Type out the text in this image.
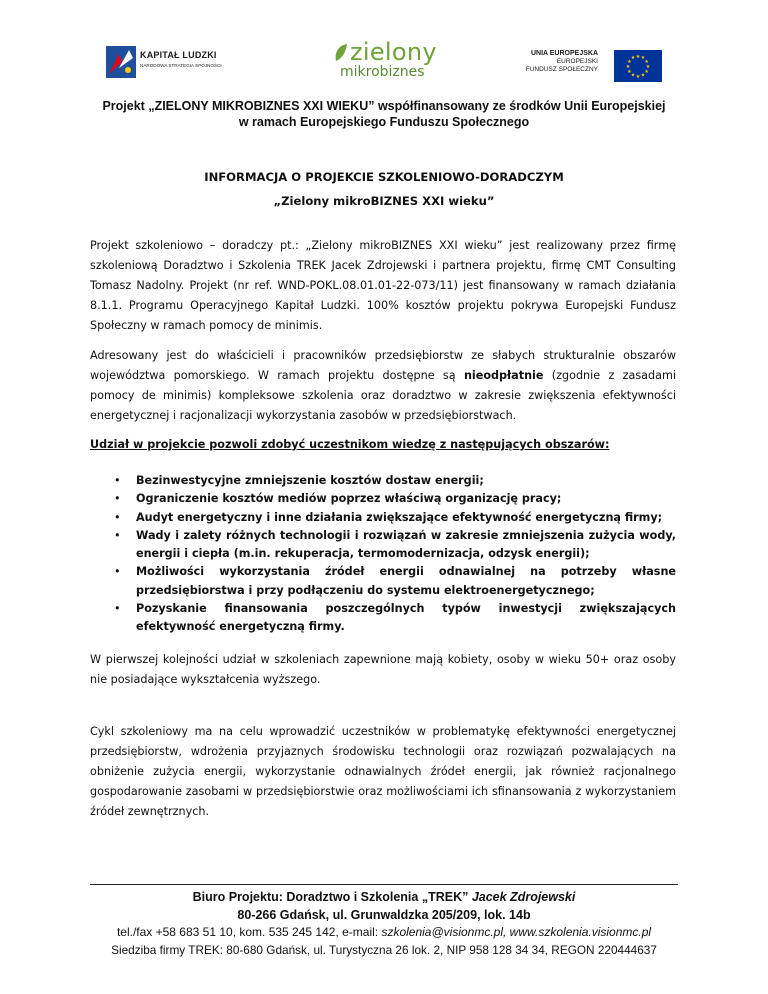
KAPITAŁ LUDZKI
NARODOWA STRATEGIA SPÓJNOŚCI	zielony
mikrobiznes
UNIA EUROPEJSKA
EUROPEJSKI
FUNDUSZ SPOŁECZNY	★
★
★
★
★
★
★
★
★ ★ ★
★
Projekt „ZIELONY MIKROBIZNES XXI WIEKU” współfinansowany ze środków Unii Europejskiej
w ramach Europejskiego Funduszu Społecznego
INFORMACJA O PROJEKCIE SZKOLENIOWO-DORADCZYM
„Zielony mikroBIZNES XXI wieku”
Projekt szkoleniowo – doradczy pt.: „Zielony mikroBIZNES XXI wieku” jest realizowany przez firmę szkoleniową Doradztwo i Szkolenia TREK Jacek Zdrojewski i partnera projektu, firmę CMT Consulting Tomasz Nadolny. Projekt (nr ref. WND-POKL.08.01.01-22-073/11) jest finansowany w ramach działania 8.1.1. Programu Operacyjnego Kapitał Ludzki. 100% kosztów projektu pokrywa Europejski Fundusz Społeczny w ramach pomocy de minimis.
Adresowany jest do właścicieli i pracowników przedsiębiorstw ze słabych strukturalnie obszarów województwa pomorskiego. W ramach projektu dostępne są nieodpłatnie (zgodnie z zasadami pomocy de minimis) kompleksowe szkolenia oraz doradztwo w zakresie zwiększenia efektywności energetycznej i racjonalizacji wykorzystania zasobów w przedsiębiorstwach.
Udział w projekcie pozwoli zdobyć uczestnikom wiedzę z następujących obszarów:
• Bezinwestycyjne zmniejszenie kosztów dostaw energii;
• Ograniczenie kosztów mediów poprzez właściwą organizację pracy;
• Audyt energetyczny i inne działania zwiększające efektywność energetyczną firmy;
• Wady i zalety różnych technologii i rozwiązań w zakresie zmniejszenia zużycia wody, energii i ciepła (m.in. rekuperacja, termomodernizacja, odzysk energii);
• Możliwości wykorzystania źródeł energii odnawialnej na potrzeby własne przedsiębiorstwa i przy podłączeniu do systemu elektroenergetycznego;
• Pozyskanie finansowania poszczególnych typów inwestycji zwiększających efektywność energetyczną firmy.
W pierwszej kolejności udział w szkoleniach zapewnione mają kobiety, osoby w wieku 50+ oraz osoby nie posiadające wykształcenia wyższego.
Cykl szkoleniowy ma na celu wprowadzić uczestników w problematykę efektywności energetycznej przedsiębiorstw, wdrożenia przyjaznych środowisku technologii oraz rozwiązań pozwalających na obniżenie zużycia energii, wykorzystanie odnawialnych źródeł energii, jak również racjonalnego gospodarowanie zasobami w przedsiębiorstwie oraz możliwościami ich sfinansowania z wykorzystaniem źródeł zewnętrznych.
Biuro Projektu: Doradztwo i Szkolenia „TREK” Jacek Zdrojewski
80-266 Gdańsk, ul. Grunwaldzka 205/209, lok. 14b
tel./fax +58 683 51 10, kom. 535 245 142, e-mail: szkolenia@visionmc.pl, www.szkolenia.visionmc.pl
Siedziba firmy TREK: 80-680 Gdańsk, ul. Turystyczna 26 lok. 2, NIP 958 128 34 34, REGON 220444637
